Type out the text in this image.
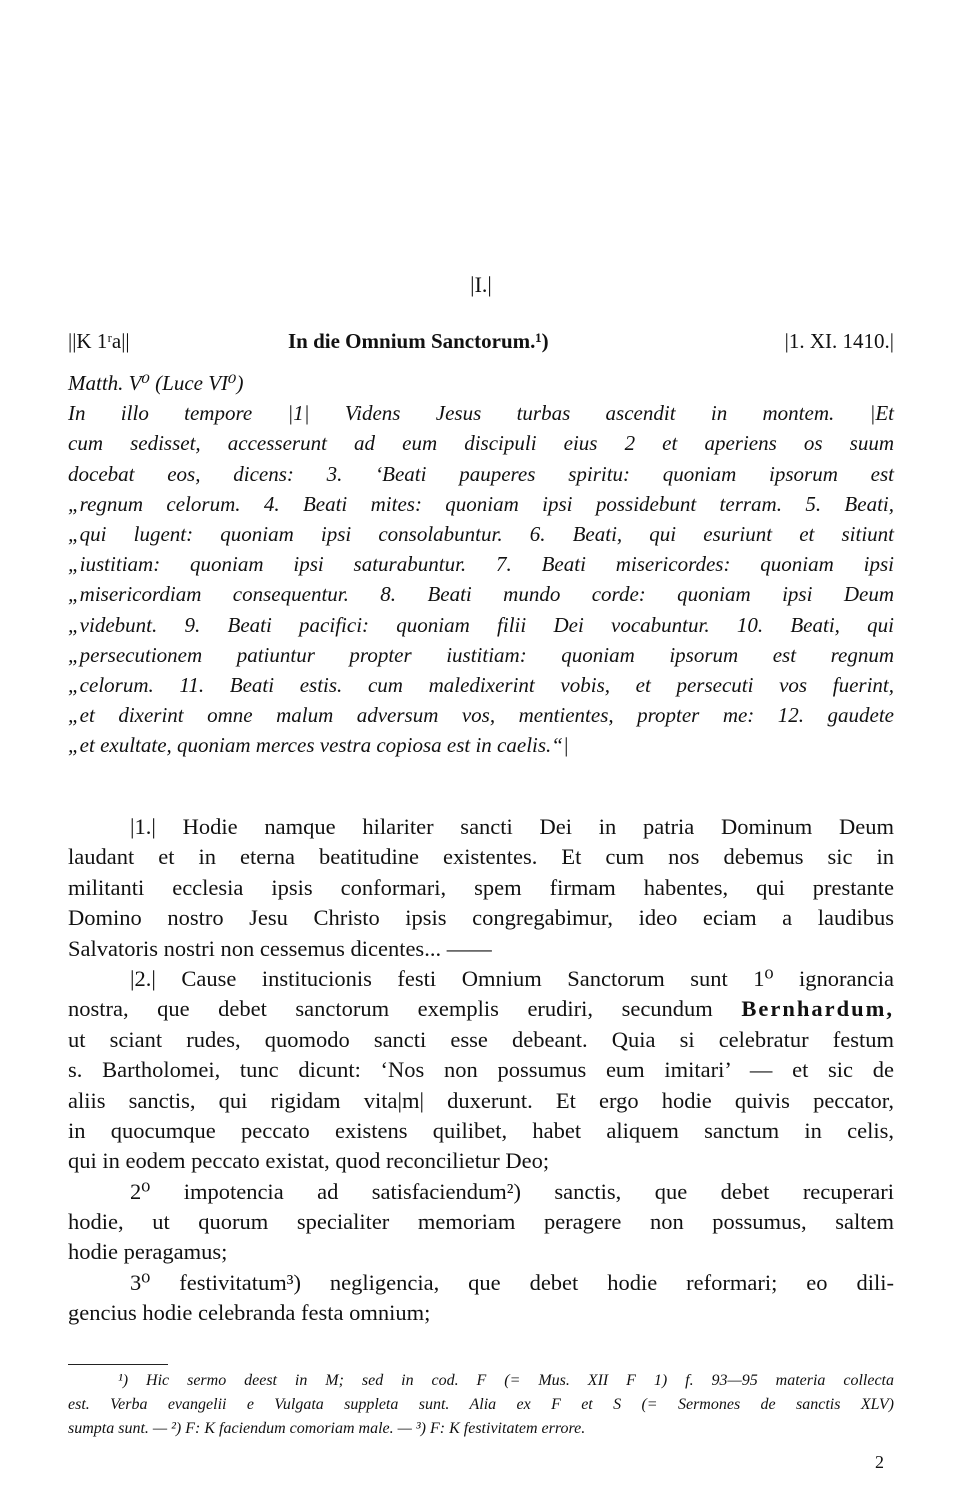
|I.|
||K 1ʳa||	In die Omnium Sanctorum.¹)	|1. XI. 1410.|
Matth. V⁰ (Luce VI⁰)
In illo tempore |1| Videns Jesus turbas ascendit in montem. |Et
cum sedisset, accesserunt ad eum discipuli eius 2 et aperiens os suum
docebat eos, dicens: 3. ‘Beati pauperes spiritu: quoniam ipsorum est
„regnum celorum. 4. Beati mites: quoniam ipsi possidebunt terram. 5. Beati,
„qui lugent: quoniam ipsi consolabuntur. 6. Beati, qui esuriunt et sitiunt
„iustitiam: quoniam ipsi saturabuntur. 7. Beati misericordes: quoniam ipsi
„misericordiam consequentur. 8. Beati mundo corde: quoniam ipsi Deum
„videbunt. 9. Beati pacifici: quoniam filii Dei vocabuntur. 10. Beati, qui
„persecutionem patiuntur propter iustitiam: quoniam ipsorum est regnum
„celorum. 11. Beati estis. cum maledixerint vobis, et persecuti vos fuerint,
„et dixerint omne malum adversum vos, mentientes, propter me: 12. gaudete
„et exultate, quoniam merces vestra copiosa est in caelis.“|
|1.| Hodie namque hilariter sancti Dei in patria Dominum Deum
laudant et in eterna beatitudine existentes. Et cum nos debemus sic in
militanti ecclesia ipsis conformari, spem firmam habentes, qui prestante
Domino nostro Jesu Christo ipsis congregabimur, ideo eciam a laudibus
Salvatoris nostri non cessemus dicentes... ——
|2.| Cause institucionis festi Omnium Sanctorum sunt 1⁰ ignorancia
nostra, que debet sanctorum exemplis erudiri, secundum Bernhardum,
ut sciant rudes, quomodo sancti esse debeant. Quia si celebratur festum
s. Bartholomei, tunc dicunt: ‘Nos non possumus eum imitari’ — et sic de
aliis sanctis, qui rigidam vita|m| duxerunt. Et ergo hodie quivis peccator,
in quocumque peccato existens quilibet, habet aliquem sanctum in celis,
qui in eodem peccato existat, quod reconcilietur Deo;
2⁰ impotencia ad satisfaciendum²) sanctis, que debet recuperari
hodie, ut quorum specialiter memoriam peragere non possumus, saltem
hodie peragamus;
3⁰ festivitatum³) negligencia, que debet hodie reformari; eo dili-
gencius hodie celebranda festa omnium;
¹) Hic sermo deest in M; sed in cod. F (= Mus. XII F 1) f. 93—95 materia collecta
est. Verba evangelii e Vulgata suppleta sunt. Alia ex F et S (= Sermones de sanctis XLV)
sumpta sunt. — ²) F: K faciendum comoriam male. — ³) F: K festivitatem errore.
2
